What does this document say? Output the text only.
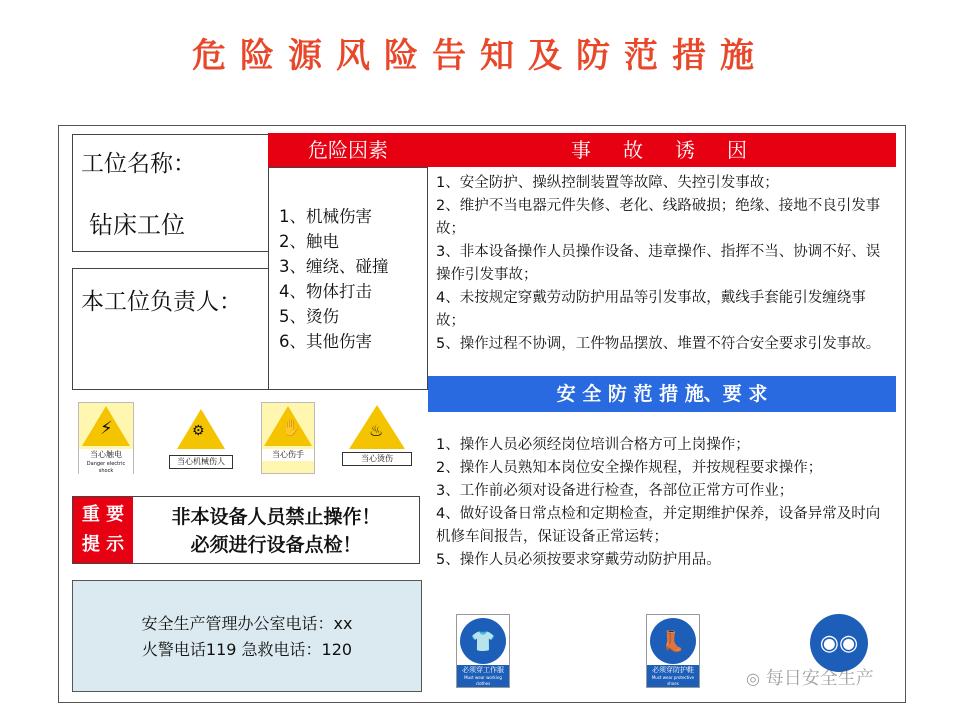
危险源风险告知及防范措施
工位名称：
钻床工位
本工位负责人：
危险因素
1、机械伤害
2、触电
3、缠绕、碰撞
4、物体打击
5、烫伤
6、其他伤害
事　故　诱　因
1、安全防护、操纵控制装置等故障、失控引发事故；
2、维护不当电器元件失修、老化、线路破损；绝缘、接地不良引发事故；
3、非本设备操作人员操作设备、违章操作、指挥不当、协调不好、误操作引发事故；
4、未按规定穿戴劳动防护用品等引发事故，戴线手套能引发缠绕事故；
5、操作过程不协调，工件物品摆放、堆置不符合安全要求引发事故。
安 全 防 范 措 施、要 求
1、操作人员必须经岗位培训合格方可上岗操作；
2、操作人员熟知本岗位安全操作规程，并按规程要求操作；
3、工作前必须对设备进行检查，各部位正常方可作业；
4、做好设备日常点检和定期检查，并定期维护保养，设备异常及时向机修车间报告，保证设备正常运转；
5、操作人员必须按要求穿戴劳动防护用品。
⚡
当心触电
Danger electric shock
⚙
当心机械伤人
✋
当心伤手
♨
当心烫伤
重 要
提 示
非本设备人员禁止操作！
必须进行设备点检！
安全生产管理办公室电话：xx
火警电话119 急救电话：120	👕
必须穿工作服
Must wear working clothes
👢
必须穿防护鞋
Must wear protective shoes
◉◉
◎ 每日安全生产
